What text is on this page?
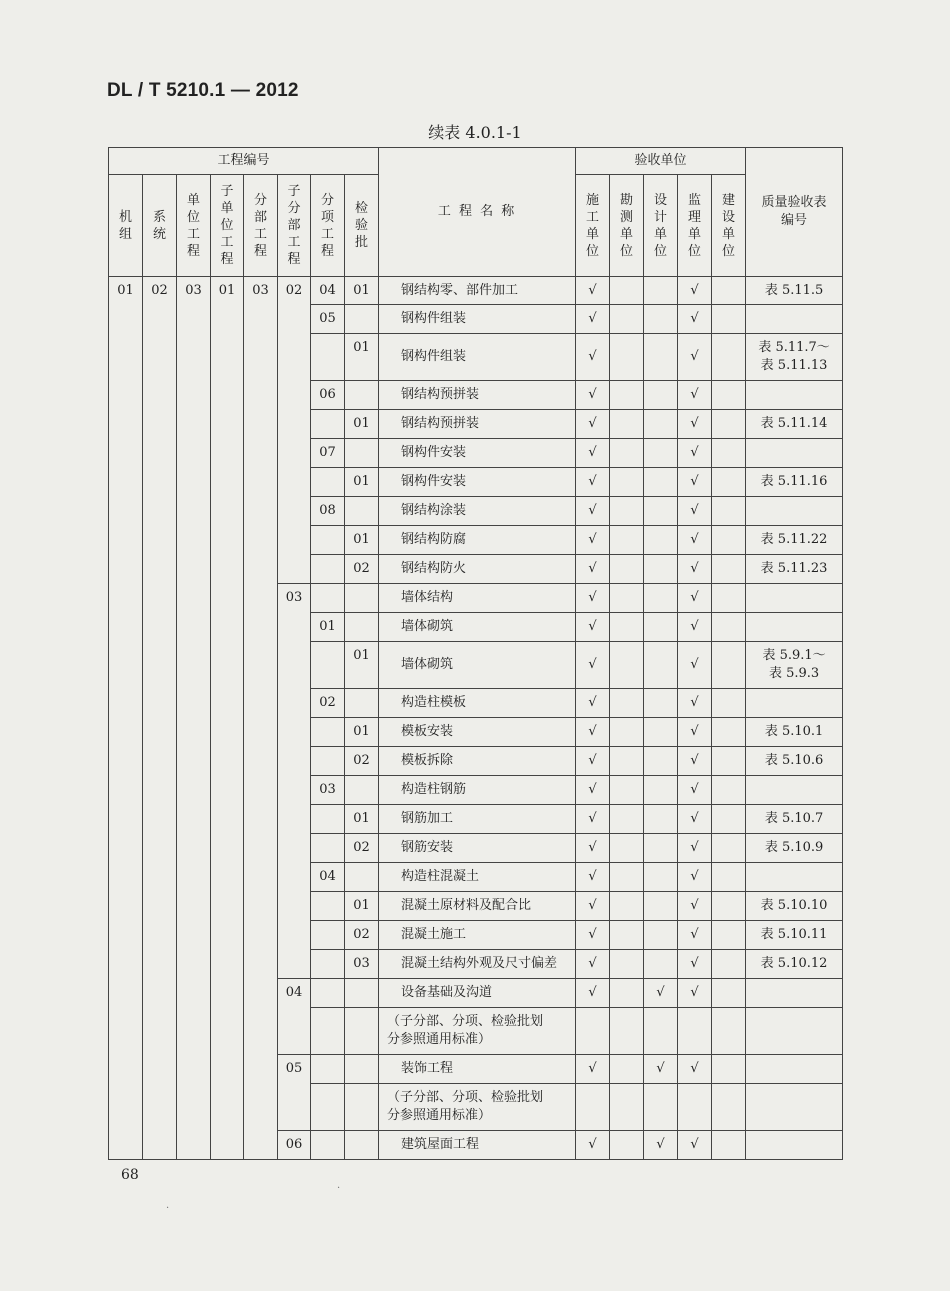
DL / T 5210.1 — 2012
续表 4.0.1-1
工程编号								工 程 名 称	验收单位					质量验收表编号
机组	系统	单位工程	子单位工程	分部工程	子分部工程	分项工程	检验批		施工单位	勘测单位	设计单位	监理单位	建设单位	
01	02	03	01	03	02	04	01	钢结构零、部件加工	√			√		表 5.11.5
						05		钢构件组装	√			√		
							01	钢构件组装	√			√		表 5.11.7～
表 5.11.13
						06		钢结构预拼装	√			√		
							01	钢结构预拼装	√			√		表 5.11.14
						07		钢构件安装	√			√		
							01	钢构件安装	√			√		表 5.11.16
						08		钢结构涂装	√			√		
							01	钢结构防腐	√			√		表 5.11.22
							02	钢结构防火	√			√		表 5.11.23
					03			墙体结构	√			√		
						01		墙体砌筑	√			√		
							01	墙体砌筑	√			√		表 5.9.1～
表 5.9.3
						02		构造柱模板	√			√		
							01	模板安装	√			√		表 5.10.1
							02	模板拆除	√			√		表 5.10.6
						03		构造柱钢筋	√			√		
							01	钢筋加工	√			√		表 5.10.7
							02	钢筋安装	√			√		表 5.10.9
						04		构造柱混凝土	√			√		
							01	混凝土原材料及配合比	√			√		表 5.10.10
							02	混凝土施工	√			√		表 5.10.11
							03	混凝土结构外观及尺寸偏差	√			√		表 5.10.12
					04			设备基础及沟道	√		√	√		
								（子分部、分项、检验批划
分参照通用标准）						
					05			装饰工程	√		√	√		
								（子分部、分项、检验批划
分参照通用标准）						
					06			建筑屋面工程	√		√	√		
68
·
·
